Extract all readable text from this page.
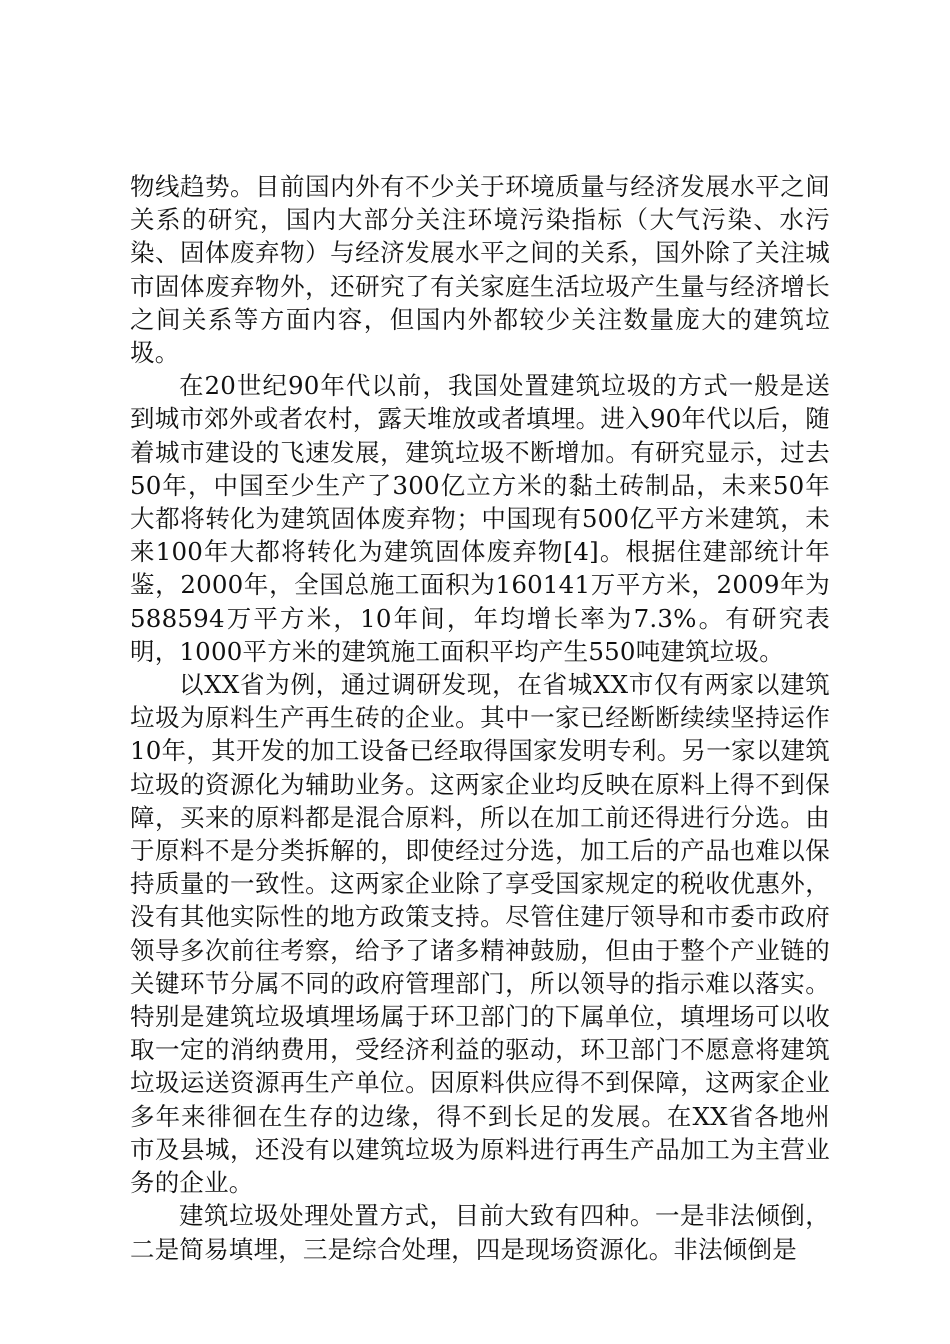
物线趋势。目前国内外有不少关于环境质量与经济发展水平之间关系的研究，国内大部分关注环境污染指标（大气污染、水污染、固体废弃物）与经济发展水平之间的关系，国外除了关注城市固体废弃物外，还研究了有关家庭生活垃圾产生量与经济增长之间关系等方面内容，但国内外都较少关注数量庞大的建筑垃圾。

在20世纪90年代以前，我国处置建筑垃圾的方式一般是送到城市郊外或者农村，露天堆放或者填埋。进入90年代以后，随着城市建设的飞速发展，建筑垃圾不断增加。有研究显示，过去50年，中国至少生产了300亿立方米的黏土砖制品，未来50年大都将转化为建筑固体废弃物；中国现有500亿平方米建筑，未来100年大都将转化为建筑固体废弃物[4]。根据住建部统计年鉴，2000年，全国总施工面积为160141万平方米，2009年为588594万平方米，10年间，年均增长率为7.3%。有研究表明，1000平方米的建筑施工面积平均产生550吨建筑垃圾。

以XX省为例，通过调研发现，在省城XX市仅有两家以建筑垃圾为原料生产再生砖的企业。其中一家已经断断续续坚持运作10年，其开发的加工设备已经取得国家发明专利。另一家以建筑垃圾的资源化为辅助业务。这两家企业均反映在原料上得不到保障，买来的原料都是混合原料，所以在加工前还得进行分选。由于原料不是分类拆解的，即使经过分选，加工后的产品也难以保持质量的一致性。这两家企业除了享受国家规定的税收优惠外，没有其他实际性的地方政策支持。尽管住建厅领导和市委市政府领导多次前往考察，给予了诸多精神鼓励，但由于整个产业链的关键环节分属不同的政府管理部门，所以领导的指示难以落实。特别是建筑垃圾填埋场属于环卫部门的下属单位，填埋场可以收取一定的消纳费用，受经济利益的驱动，环卫部门不愿意将建筑垃圾运送资源再生产单位。因原料供应得不到保障，这两家企业多年来徘徊在生存的边缘，得不到长足的发展。在XX省各地州市及县城，还没有以建筑垃圾为原料进行再生产品加工为主营业务的企业。

建筑垃圾处理处置方式，目前大致有四种。一是非法倾倒，二是简易填埋，三是综合处理，四是现场资源化。非法倾倒是
